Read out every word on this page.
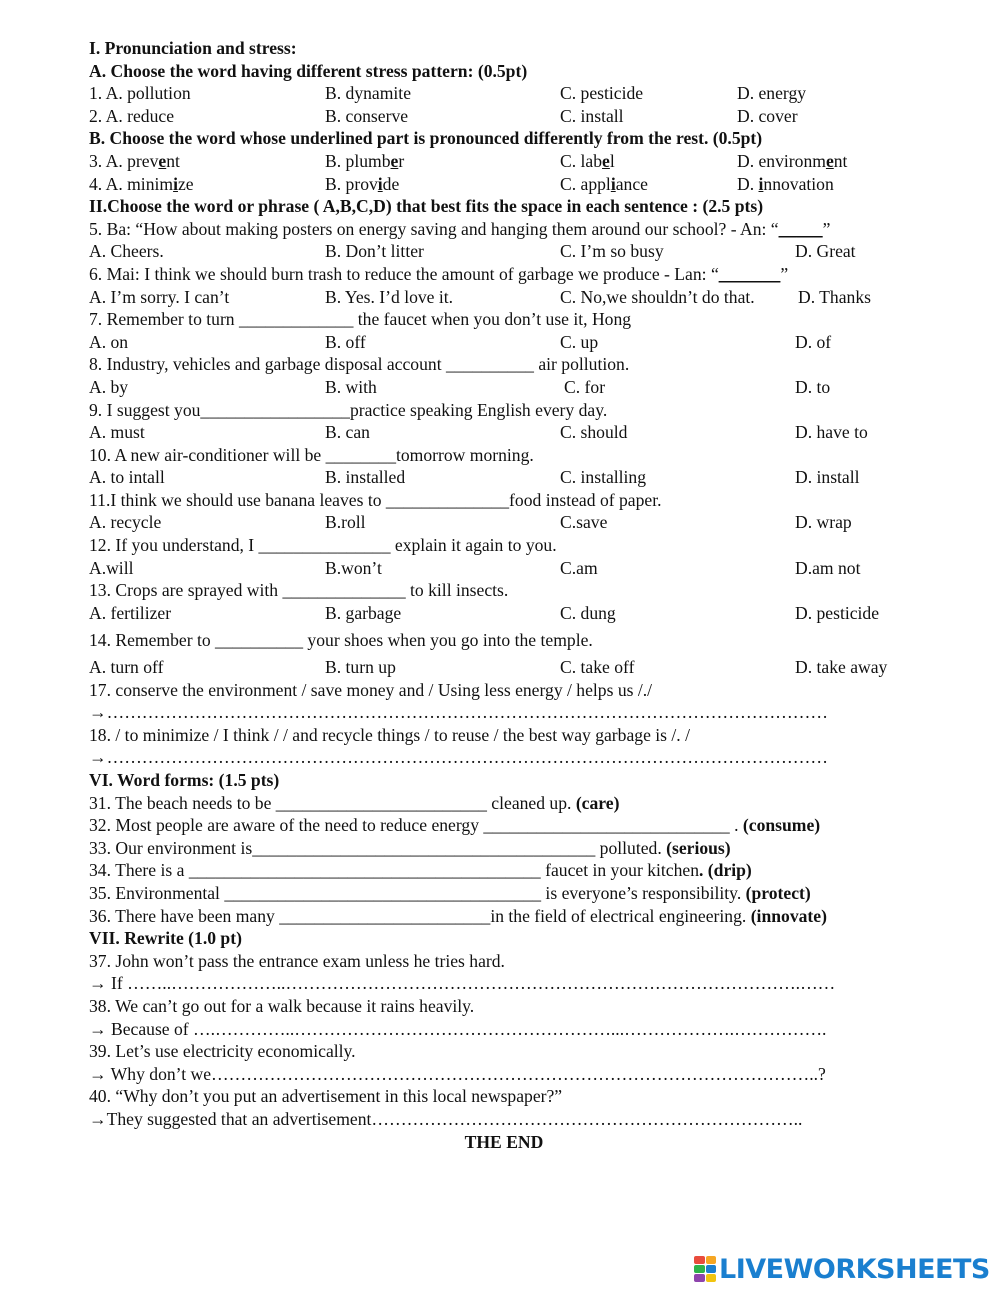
I. Pronunciation and stress:
A. Choose the word having different stress pattern: (0.5pt)
1. A. pollution	B. dynamite	C. pesticide	D. energy
2. A. reduce	B. conserve	C. install	D. cover
B. Choose the word whose underlined part is pronounced differently from the rest. (0.5pt)
3. A. prevent	B. plumber	C. label	D. environment
4. A. minimize	B. provide	C. appliance	D. innovation
II.Choose the word or phrase ( A,B,C,D) that best fits the space in each sentence : (2.5 pts)
5. Ba: “How about making posters on energy saving and hanging them around our school? - An: “_____”
A. Cheers.	B. Don’t litter	C. I’m so busy	D. Great
6. Mai: I think we should burn trash to reduce the amount of garbage we produce - Lan: “_______”
A. I’m sorry. I can’t	B. Yes. I’d love it.	C. No,we shouldn’t do that. D. Thanks
7. Remember to turn _____________ the faucet when you don’t use it, Hong
A. on	B. off	C. up	D. of
8. Industry, vehicles and garbage disposal account __________ air pollution.
A. by	B. with	C. for	D. to
9. I suggest you_________________practice speaking English every day.
A. must	B. can	C. should	D. have to
10. A new air-conditioner will be ________tomorrow morning.
A. to intall	B. installed	C. installing	D. install
11.I think we should use banana leaves to ______________food instead of paper.
A. recycle	B.roll	C.save	D. wrap
12. If you understand, I _______________ explain it again to you.
A.will	B.won’t	C.am	D.am not
13. Crops are sprayed with ______________ to kill insects.
A. fertilizer	B. garbage	C. dung	D. pesticide
14. Remember to __________ your shoes when you go into the temple.
A. turn off	B. turn up	C. take off	D. take away
17. conserve the environment / save money and / Using less energy / helps us /./
→……………………………………………………………………………………………………………
18. / to minimize / I think / / and recycle things / to reuse / the best way garbage is /. /
→……………………………………………………………………………………………………………
VI. Word forms: (1.5 pts)
31. The beach needs to be ________________________ cleaned up. (care)
32. Most people are aware of the need to reduce energy ____________________________ . (consume)
33. Our environment is_______________________________________ polluted. (serious)
34. There is a ________________________________________ faucet in your kitchen. (drip)
35. Environmental ____________________________________ is everyone’s responsibility. (protect)
36. There have been many ________________________in the field of electrical engineering. (innovate)
VII. Rewrite (1.0 pt)
37. John won’t pass the entrance exam unless he tries hard.
→ If ……..………………..…………………………………………………………………………….……
38. We can’t go out for a walk because it rains heavily.
→ Because of ….…………..………………………………………………...……………….…………….
39. Let’s use electricity economically.
→ Why don’t we…………………………………………………………………………………………..?
40. “Why don’t you put an advertisement in this local newspaper?”
→They suggested that an advertisement………………………………………………………………..
THE END
LIVEWORKSHEETS
